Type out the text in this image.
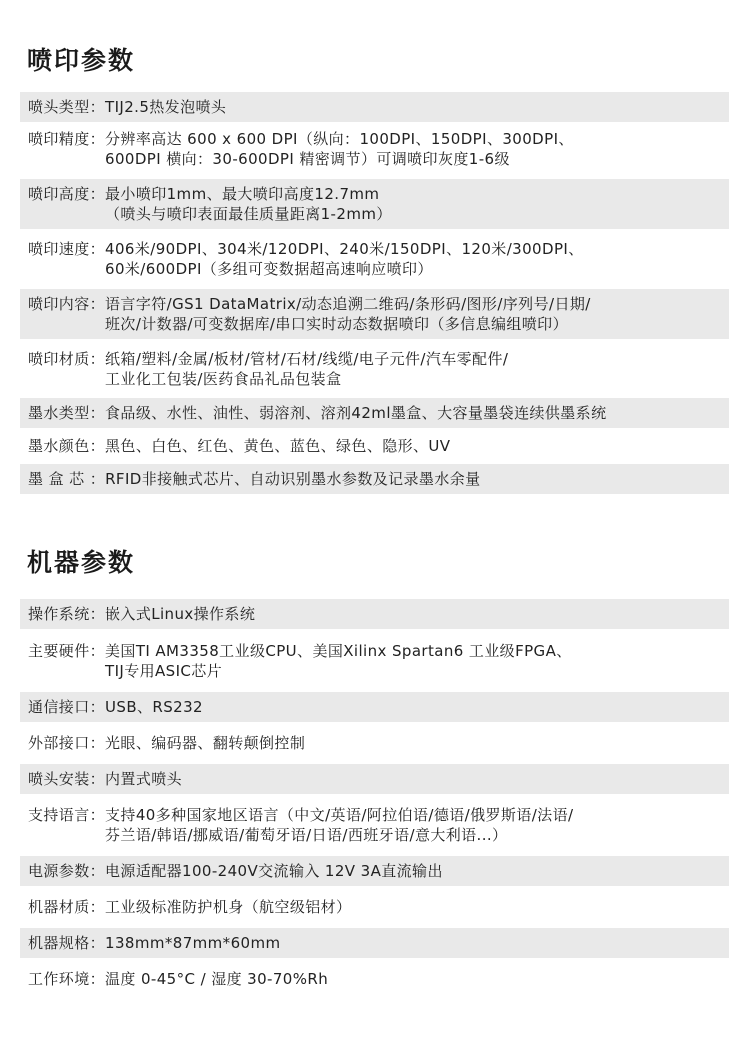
喷印参数
喷头类型： TIJ2.5热发泡喷头
喷印精度： 分辨率高达 600 x 600 DPI（纵向：100DPI、150DPI、300DPI、
600DPI 横向：30-600DPI 精密调节）可调喷印灰度1-6级
喷印高度： 最小喷印1mm、最大喷印高度12.7mm
（喷头与喷印表面最佳质量距离1-2mm）
喷印速度： 406米/90DPI、304米/120DPI、240米/150DPI、120米/300DPI、
60米/600DPI（多组可变数据超高速响应喷印）
喷印内容： 语言字符/GS1 DataMatrix/动态追溯二维码/条形码/图形/序列号/日期/
班次/计数器/可变数据库/串口实时动态数据喷印（多信息编组喷印）
喷印材质： 纸箱/塑料/金属/板材/管材/石材/线缆/电子元件/汽车零配件/
工业化工包装/医药食品礼品包装盒
墨水类型： 食品级、水性、油性、弱溶剂、溶剂42ml墨盒、大容量墨袋连续供墨系统
墨水颜色： 黑色、白色、红色、黄色、蓝色、绿色、隐形、UV
墨 盒 芯 ： RFID非接触式芯片、自动识别墨水参数及记录墨水余量
机器参数
操作系统： 嵌入式Linux操作系统
主要硬件： 美国TI AM3358工业级CPU、美国Xilinx Spartan6 工业级FPGA、
TIJ专用ASIC芯片
通信接口： USB、RS232
外部接口： 光眼、编码器、翻转颠倒控制
喷头安装： 内置式喷头
支持语言： 支持40多种国家地区语言（中文/英语/阿拉伯语/德语/俄罗斯语/法语/
芬兰语/韩语/挪威语/葡萄牙语/日语/西班牙语/意大利语...）
电源参数： 电源适配器100-240V交流输入 12V 3A直流输出
机器材质： 工业级标准防护机身（航空级铝材）
机器规格： 138mm*87mm*60mm
工作环境： 温度 0-45°C / 湿度 30-70%Rh
